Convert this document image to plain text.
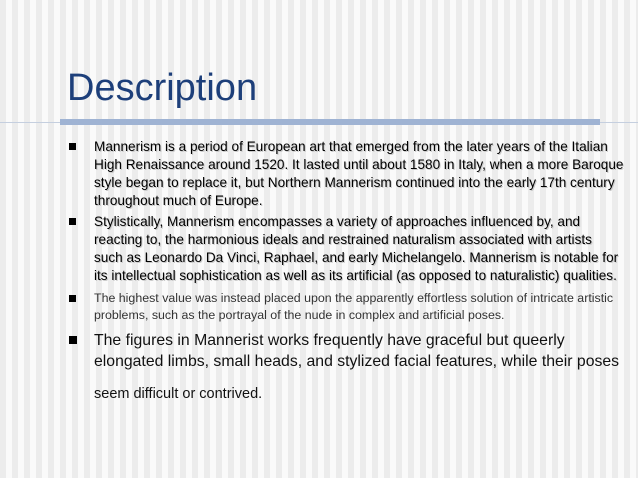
Description
Mannerism is a period of European art that emerged from the later years of the Italian High Renaissance around 1520. It lasted until about 1580 in Italy, when a more Baroque style began to replace it, but Northern Mannerism continued into the early 17th century throughout much of Europe.
Stylistically, Mannerism encompasses a variety of approaches influenced by, and reacting to, the harmonious ideals and restrained naturalism associated with artists such as Leonardo Da Vinci, Raphael, and early Michelangelo. Mannerism is notable for its intellectual sophistication as well as its artificial (as opposed to naturalistic) qualities.
The highest value was instead placed upon the apparently effortless solution of intricate artistic problems, such as the portrayal of the nude in complex and artificial poses.
The figures in Mannerist works frequently have graceful but queerly elongated limbs, small heads, and stylized facial features, while their poses
seem difficult or contrived.
